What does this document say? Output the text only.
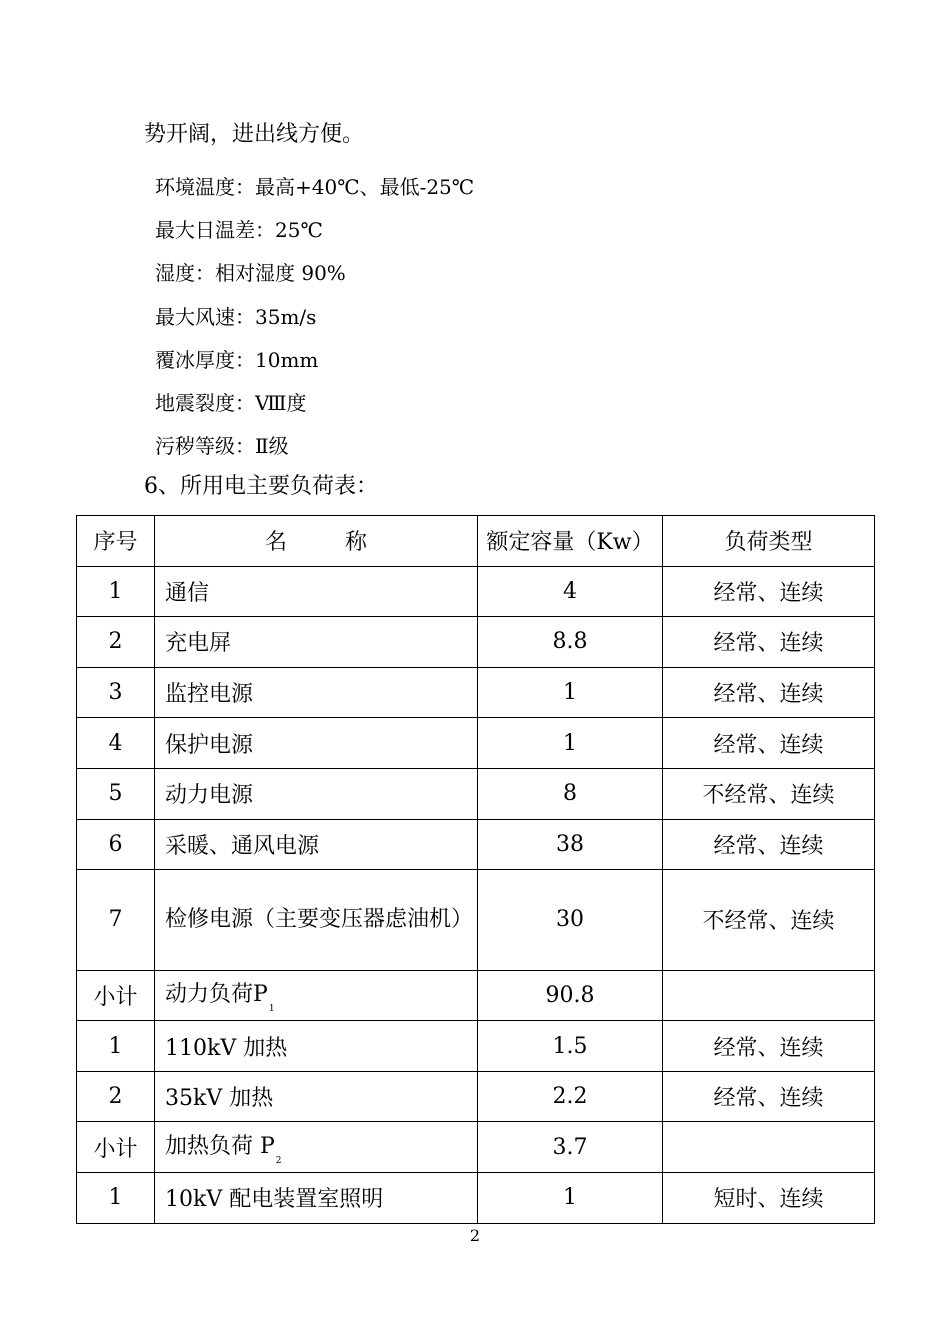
势开阔，进出线方便。
环境温度：最高+40℃、最低-25℃
最大日温差：25℃
湿度：相对湿度 90%
最大风速：35m/s
覆冰厚度：10mm
地震裂度：Ⅷ度
污秽等级：Ⅱ级
6、所用电主要负荷表：
序号	名 称	额定容量（Kw）	负荷类型
1	通信	4	经常、连续
2	充电屏	8.8	经常、连续
3	监控电源	1	经常、连续
4	保护电源	1	经常、连续
5	动力电源	8	不经常、连续
6	采暖、通风电源	38	经常、连续
7	检修电源（主要变压器虑油机）	30	不经常、连续
小计	动力负荷$P_1$	90.8	
1	110kV 加热	1.5	经常、连续
2	35kV 加热	2.2	经常、连续
小计	加热负荷 $P_2$	3.7	
1	10kV 配电装置室照明	1	短时、连续
2
